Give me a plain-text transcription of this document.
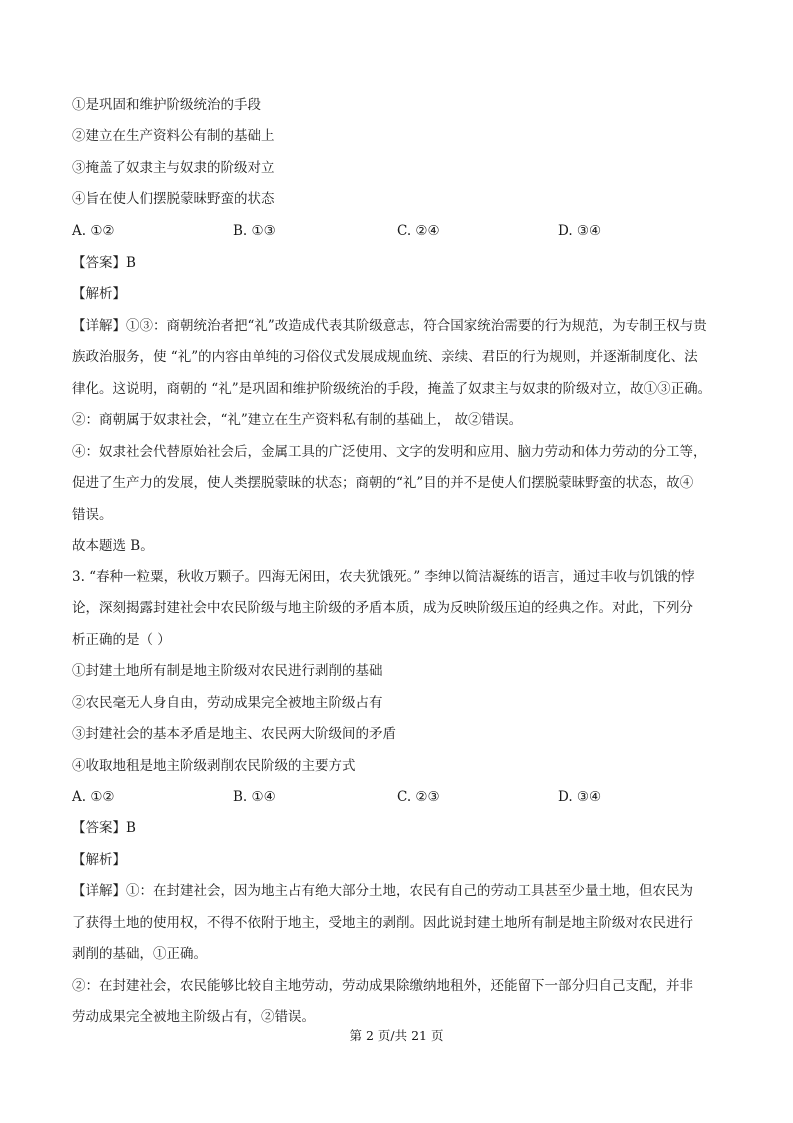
①是巩固和维护阶级统治的手段
②建立在生产资料公有制的基础上
③掩盖了奴隶主与奴隶的阶级对立
④旨在使人们摆脱蒙昧野蛮的状态
A. ①②	B. ①③	C. ②④	D. ③④
【答案】B
【解析】
【详解】①③：商朝统治者把“礼”改造成代表其阶级意志，符合国家统治需要的行为规范，为专制王权与贵
族政治服务，使 “礼”的内容由单纯的习俗仪式发展成规血统、亲续、君臣的行为规则，并逐渐制度化、法
律化。这说明，商朝的 “礼”是巩固和维护阶级统治的手段，掩盖了奴隶主与奴隶的阶级对立，故①③正确。
②：商朝属于奴隶社会，“礼”建立在生产资料私有制的基础上， 故②错误。
④：奴隶社会代替原始社会后，金属工具的广泛使用、文字的发明和应用、脑力劳动和体力劳动的分工等，
促进了生产力的发展，使人类摆脱蒙昧的状态；商朝的“礼”目的并不是使人们摆脱蒙昧野蛮的状态，故④
错误。
故本题选 B。
3. “春种一粒粟，秋收万颗子。四海无闲田，农夫犹饿死。” 李绅以简洁凝练的语言，通过丰收与饥饿的悖
论，深刻揭露封建社会中农民阶级与地主阶级的矛盾本质，成为反映阶级压迫的经典之作。对此，下列分
析正确的是（ ）
①封建土地所有制是地主阶级对农民进行剥削的基础
②农民毫无人身自由，劳动成果完全被地主阶级占有
③封建社会的基本矛盾是地主、农民两大阶级间的矛盾
④收取地租是地主阶级剥削农民阶级的主要方式
A. ①②	B. ①④	C. ②③	D. ③④
【答案】B
【解析】
【详解】①：在封建社会，因为地主占有绝大部分土地，农民有自己的劳动工具甚至少量土地，但农民为
了获得土地的使用权，不得不依附于地主，受地主的剥削。因此说封建土地所有制是地主阶级对农民进行
剥削的基础，①正确。
②：在封建社会，农民能够比较自主地劳动，劳动成果除缴纳地租外，还能留下一部分归自己支配，并非
劳动成果完全被地主阶级占有，②错误。
第 2 页/共 21 页
